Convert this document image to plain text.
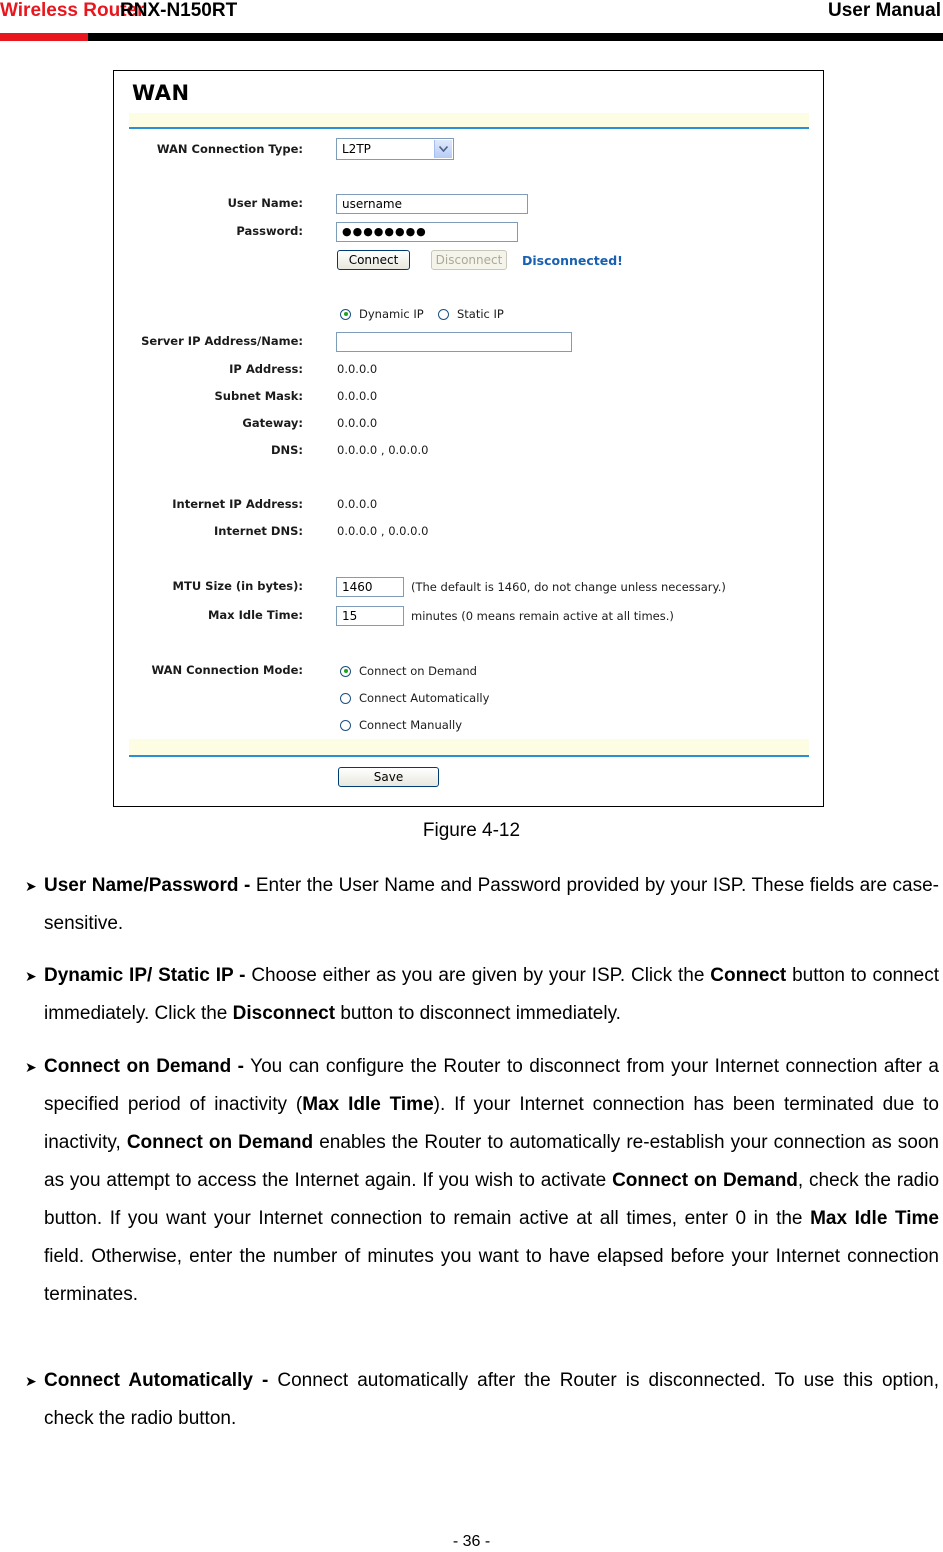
Wireless Router
RNX-N150RT	User Manual
WAN
WAN Connection Type:	L2TP
User Name:	username
Password:	●●●●●●●●
Connect	Disconnect	Disconnected!
Dynamic IP	Static IP
Server IP Address/Name:
IP Address:	0.0.0.0
Subnet Mask:	0.0.0.0
Gateway:	0.0.0.0
DNS:	0.0.0.0 , 0.0.0.0
Internet IP Address:	0.0.0.0
Internet DNS:	0.0.0.0 , 0.0.0.0
MTU Size (in bytes):	1460	(The default is 1460, do not change unless necessary.)
Max Idle Time:	15	minutes (0 means remain active at all times.)
WAN Connection Mode:	Connect on Demand
Connect Automatically
Connect Manually
Save
Figure 4-12
➤ User Name/Password - Enter the User Name and Password provided by your ISP. These fields are case-sensitive.
➤ Dynamic IP/ Static IP - Choose either as you are given by your ISP. Click the Connect button to connect immediately. Click the Disconnect button to disconnect immediately.
➤ Connect on Demand - You can configure the Router to disconnect from your Internet connection after a specified period of inactivity (Max Idle Time). If your Internet connection has been terminated due to inactivity, Connect on Demand enables the Router to automatically re-establish your connection as soon as you attempt to access the Internet again. If you wish to activate Connect on Demand, check the radio button. If you want your Internet connection to remain active at all times, enter 0 in the Max Idle Time field. Otherwise, enter the number of minutes you want to have elapsed before your Internet connection terminates.
➤ Connect Automatically - Connect automatically after the Router is disconnected. To use this option, check the radio button.
- 36 -
